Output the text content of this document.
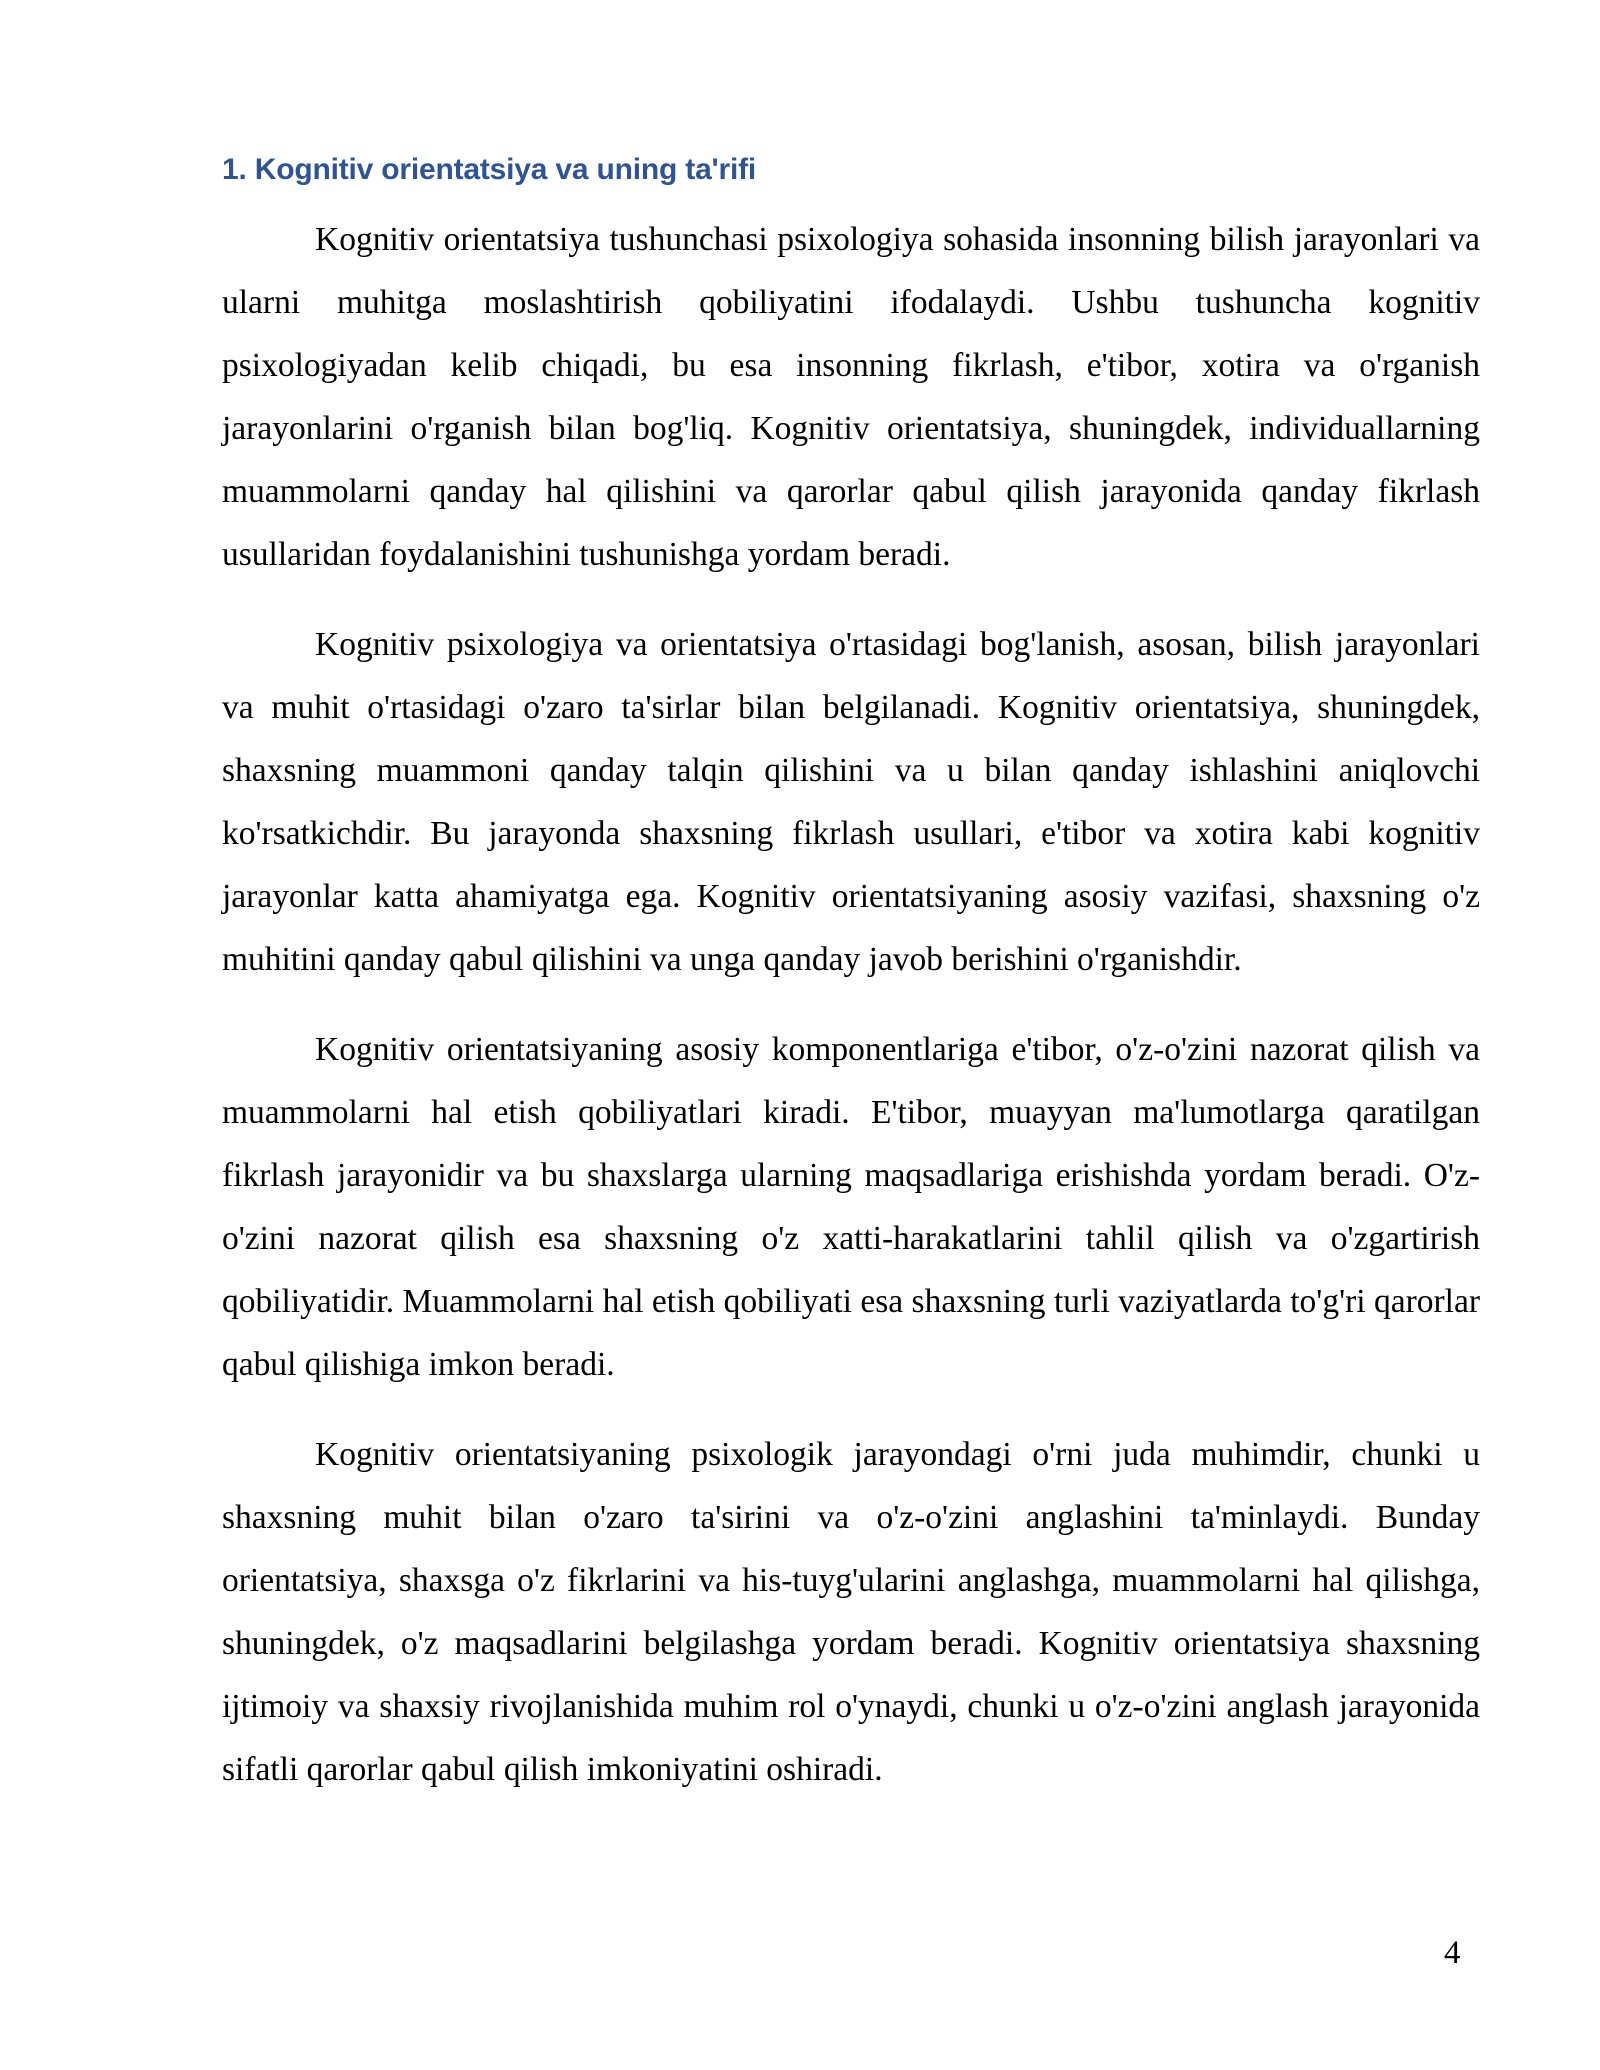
1. Kognitiv orientatsiya va uning ta'rifi

Kognitiv orientatsiya tushunchasi psixologiya sohasida insonning bilish jarayonlari va ularni muhitga moslashtirish qobiliyatini ifodalaydi. Ushbu tushuncha kognitiv psixologiyadan kelib chiqadi, bu esa insonning fikrlash, e'tibor, xotira va o'rganish jarayonlarini o'rganish bilan bog'liq. Kognitiv orientatsiya, shuningdek, individuallarning muammolarni qanday hal qilishini va qarorlar qabul qilish jarayonida qanday fikrlash usullaridan foydalanishini tushunishga yordam beradi.

Kognitiv psixologiya va orientatsiya o'rtasidagi bog'lanish, asosan, bilish jarayonlari va muhit o'rtasidagi o'zaro ta'sirlar bilan belgilanadi. Kognitiv orientatsiya, shuningdek, shaxsning muammoni qanday talqin qilishini va u bilan qanday ishlashini aniqlovchi ko'rsatkichdir. Bu jarayonda shaxsning fikrlash usullari, e'tibor va xotira kabi kognitiv jarayonlar katta ahamiyatga ega. Kognitiv orientatsiyaning asosiy vazifasi, shaxsning o'z muhitini qanday qabul qilishini va unga qanday javob berishini o'rganishdir.

Kognitiv orientatsiyaning asosiy komponentlariga e'tibor, o'z-o'zini nazorat qilish va muammolarni hal etish qobiliyatlari kiradi. E'tibor, muayyan ma'lumotlarga qaratilgan fikrlash jarayonidir va bu shaxslarga ularning maqsadlariga erishishda yordam beradi. O'z-o'zini nazorat qilish esa shaxsning o'z xatti-harakatlarini tahlil qilish va o'zgartirish qobiliyatidir. Muammolarni hal etish qobiliyati esa shaxsning turli vaziyatlarda to'g'ri qarorlar qabul qilishiga imkon beradi.

Kognitiv orientatsiyaning psixologik jarayondagi o'rni juda muhimdir, chunki u shaxsning muhit bilan o'zaro ta'sirini va o'z-o'zini anglashini ta'minlaydi. Bunday orientatsiya, shaxsga o'z fikrlarini va his-tuyg'ularini anglashga, muammolarni hal qilishga, shuningdek, o'z maqsadlarini belgilashga yordam beradi. Kognitiv orientatsiya shaxsning ijtimoiy va shaxsiy rivojlanishida muhim rol o'ynaydi, chunki u o'z-o'zini anglash jarayonida sifatli qarorlar qabul qilish imkoniyatini oshiradi.

4
